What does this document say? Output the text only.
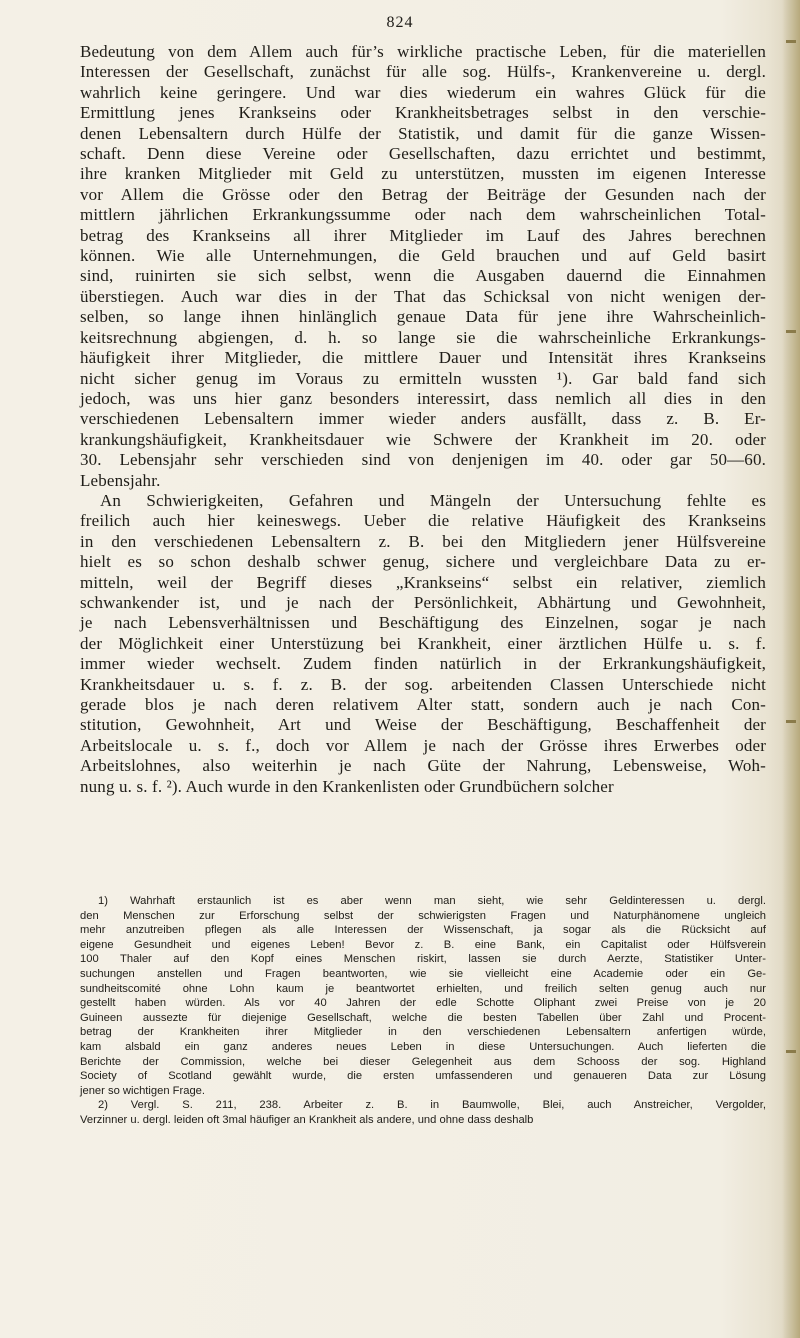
824
Bedeutung von dem Allem auch für’s wirkliche practische Leben, für die materiellen
Interessen der Gesellschaft, zunächst für alle sog. Hülfs-, Krankenvereine u. dergl.
wahrlich keine geringere. Und war dies wiederum ein wahres Glück für die
Ermittlung jenes Krankseins oder Krankheitsbetrages selbst in den verschie-
denen Lebensaltern durch Hülfe der Statistik, und damit für die ganze Wissen-
schaft. Denn diese Vereine oder Gesellschaften, dazu errichtet und bestimmt,
ihre kranken Mitglieder mit Geld zu unterstützen, mussten im eigenen Interesse
vor Allem die Grösse oder den Betrag der Beiträge der Gesunden nach der
mittlern jährlichen Erkrankungssumme oder nach dem wahrscheinlichen Total-
betrag des Krankseins all ihrer Mitglieder im Lauf des Jahres berechnen
können. Wie alle Unternehmungen, die Geld brauchen und auf Geld basirt
sind, ruinirten sie sich selbst, wenn die Ausgaben dauernd die Einnahmen
überstiegen. Auch war dies in der That das Schicksal von nicht wenigen der-
selben, so lange ihnen hinlänglich genaue Data für jene ihre Wahrscheinlich-
keitsrechnung abgiengen, d. h. so lange sie die wahrscheinliche Erkrankungs-
häufigkeit ihrer Mitglieder, die mittlere Dauer und Intensität ihres Krankseins
nicht sicher genug im Voraus zu ermitteln wussten ¹). Gar bald fand sich
jedoch, was uns hier ganz besonders interessirt, dass nemlich all dies in den
verschiedenen Lebensaltern immer wieder anders ausfällt, dass z. B. Er-
krankungshäufigkeit, Krankheitsdauer wie Schwere der Krankheit im 20. oder
30. Lebensjahr sehr verschieden sind von denjenigen im 40. oder gar 50—60.
Lebensjahr.
An Schwierigkeiten, Gefahren und Mängeln der Untersuchung fehlte es
freilich auch hier keineswegs. Ueber die relative Häufigkeit des Krankseins
in den verschiedenen Lebensaltern z. B. bei den Mitgliedern jener Hülfsvereine
hielt es so schon deshalb schwer genug, sichere und vergleichbare Data zu er-
mitteln, weil der Begriff dieses „Krankseins“ selbst ein relativer, ziemlich
schwankender ist, und je nach der Persönlichkeit, Abhärtung und Gewohnheit,
je nach Lebensverhältnissen und Beschäftigung des Einzelnen, sogar je nach
der Möglichkeit einer Unterstüzung bei Krankheit, einer ärztlichen Hülfe u. s. f.
immer wieder wechselt. Zudem finden natürlich in der Erkrankungshäufigkeit,
Krankheitsdauer u. s. f. z. B. der sog. arbeitenden Classen Unterschiede nicht
gerade blos je nach deren relativem Alter statt, sondern auch je nach Con-
stitution, Gewohnheit, Art und Weise der Beschäftigung, Beschaffenheit der
Arbeitslocale u. s. f., doch vor Allem je nach der Grösse ihres Erwerbes oder
Arbeitslohnes, also weiterhin je nach Güte der Nahrung, Lebensweise, Woh-
nung u. s. f. ²). Auch wurde in den Krankenlisten oder Grundbüchern solcher
1) Wahrhaft erstaunlich ist es aber wenn man sieht, wie sehr Geldinteressen u. dergl.
den Menschen zur Erforschung selbst der schwierigsten Fragen und Naturphänomene ungleich
mehr anzutreiben pflegen als alle Interessen der Wissenschaft, ja sogar als die Rücksicht auf
eigene Gesundheit und eigenes Leben! Bevor z. B. eine Bank, ein Capitalist oder Hülfsverein
100 Thaler auf den Kopf eines Menschen riskirt, lassen sie durch Aerzte, Statistiker Unter-
suchungen anstellen und Fragen beantworten, wie sie vielleicht eine Academie oder ein Ge-
sundheitscomité ohne Lohn kaum je beantwortet erhielten, und freilich selten genug auch nur
gestellt haben würden. Als vor 40 Jahren der edle Schotte Oliphant zwei Preise von je 20
Guineen aussezte für diejenige Gesellschaft, welche die besten Tabellen über Zahl und Procent-
betrag der Krankheiten ihrer Mitglieder in den verschiedenen Lebensaltern anfertigen würde,
kam alsbald ein ganz anderes neues Leben in diese Untersuchungen. Auch lieferten die
Berichte der Commission, welche bei dieser Gelegenheit aus dem Schooss der sog. Highland
Society of Scotland gewählt wurde, die ersten umfassenderen und genaueren Data zur Lösung
jener so wichtigen Frage.
2) Vergl. S. 211, 238. Arbeiter z. B. in Baumwolle, Blei, auch Anstreicher, Vergolder,
Verzinner u. dergl. leiden oft 3mal häufiger an Krankheit als andere, und ohne dass deshalb
